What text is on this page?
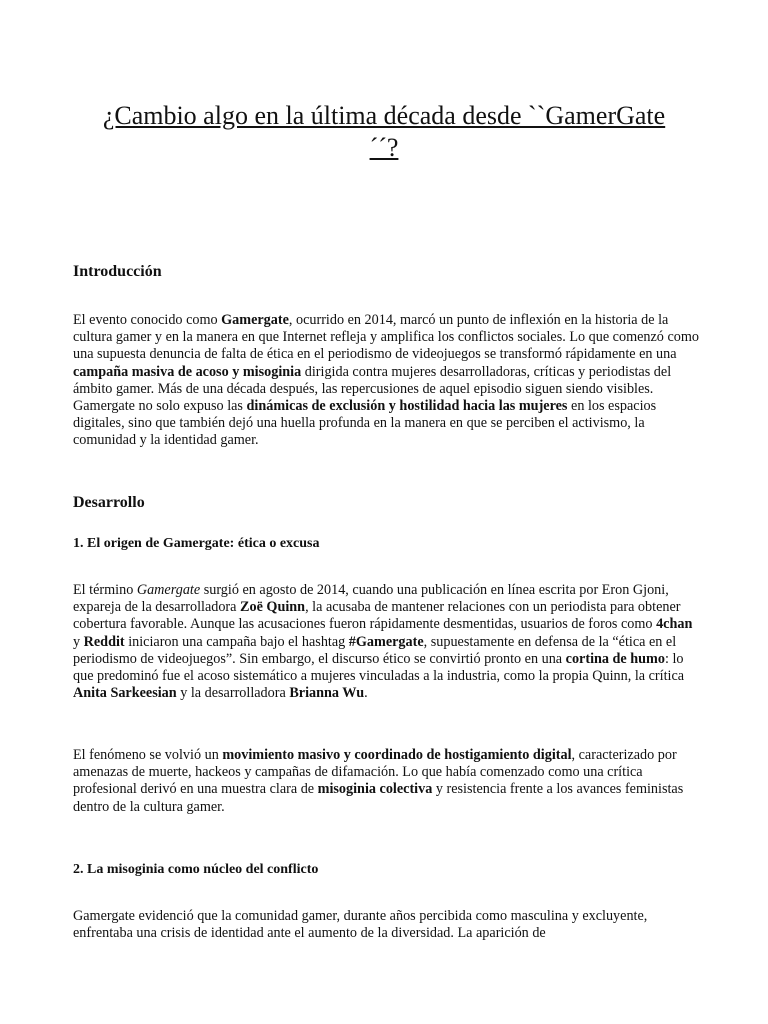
¿Cambio algo en la última década desde ``GamerGate´´?
Introducción

El evento conocido como Gamergate, ocurrido en 2014, marcó un punto de inflexión en la historia de la cultura gamer y en la manera en que Internet refleja y amplifica los conflictos sociales. Lo que comenzó como una supuesta denuncia de falta de ética en el periodismo de videojuegos se transformó rápidamente en una campaña masiva de acoso y misoginia dirigida contra mujeres desarrolladoras, críticas y periodistas del ámbito gamer. Más de una década después, las repercusiones de aquel episodio siguen siendo visibles. Gamergate no solo expuso las dinámicas de exclusión y hostilidad hacia las mujeres en los espacios digitales, sino que también dejó una huella profunda en la manera en que se perciben el activismo, la comunidad y la identidad gamer.

Desarrollo
1. El origen de Gamergate: ética o excusa

El término Gamergate surgió en agosto de 2014, cuando una publicación en línea escrita por Eron Gjoni, expareja de la desarrolladora Zoë Quinn, la acusaba de mantener relaciones con un periodista para obtener cobertura favorable. Aunque las acusaciones fueron rápidamente desmentidas, usuarios de foros como 4chan y Reddit iniciaron una campaña bajo el hashtag #Gamergate, supuestamente en defensa de la “ética en el periodismo de videojuegos”. Sin embargo, el discurso ético se convirtió pronto en una cortina de humo: lo que predominó fue el acoso sistemático a mujeres vinculadas a la industria, como la propia Quinn, la crítica Anita Sarkeesian y la desarrolladora Brianna Wu.

El fenómeno se volvió un movimiento masivo y coordinado de hostigamiento digital, caracterizado por amenazas de muerte, hackeos y campañas de difamación. Lo que había comenzado como una crítica profesional derivó en una muestra clara de misoginia colectiva y resistencia frente a los avances feministas dentro de la cultura gamer.

2. La misoginia como núcleo del conflicto

Gamergate evidenció que la comunidad gamer, durante años percibida como masculina y excluyente, enfrentaba una crisis de identidad ante el aumento de la diversidad. La aparición de
